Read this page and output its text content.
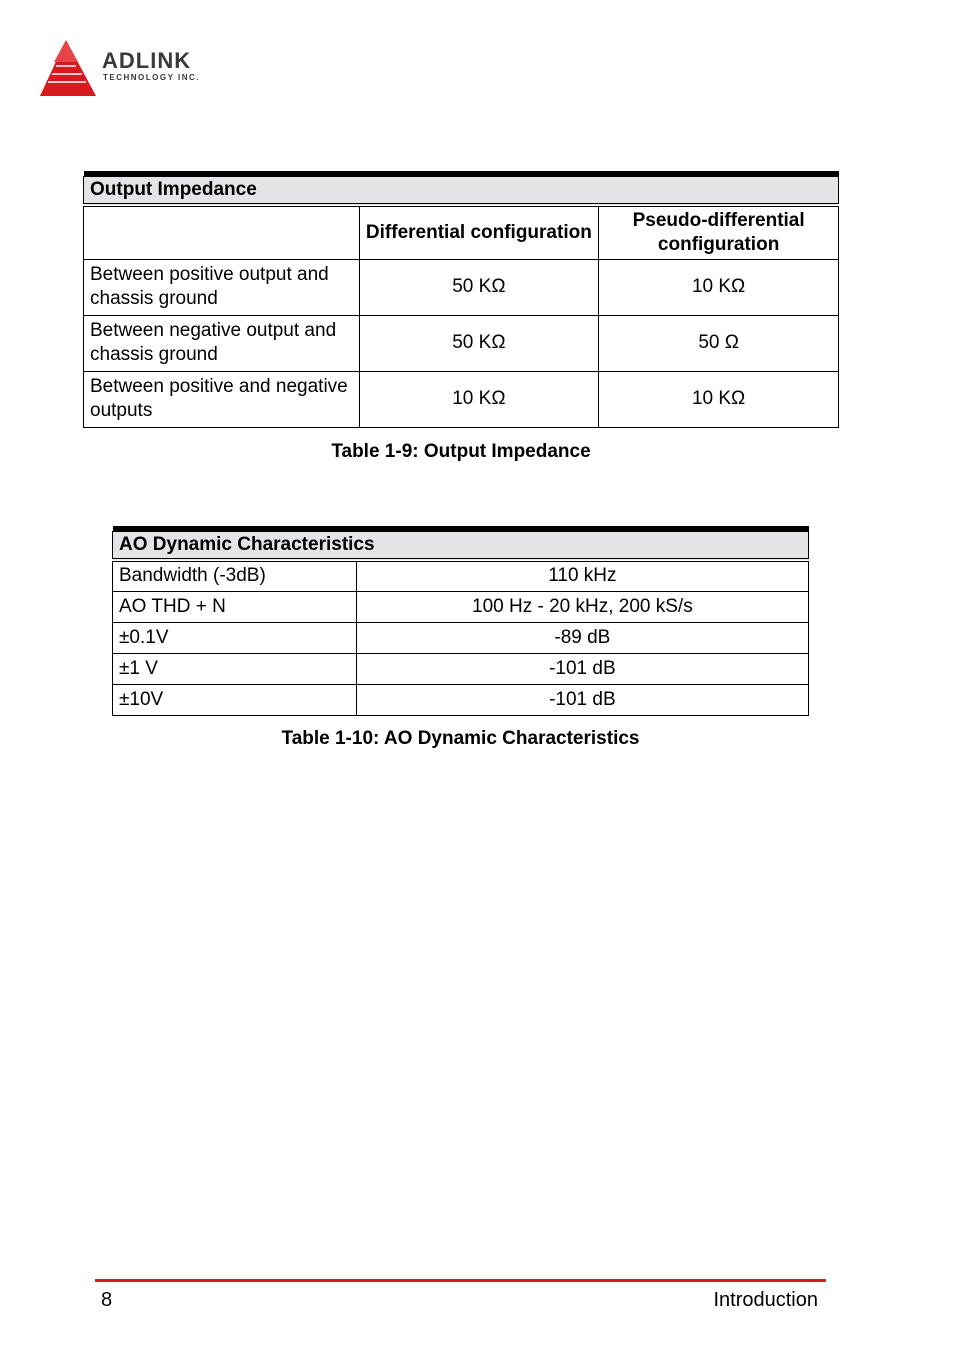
ADLINK
TECHNOLOGY INC.

Output Impedance		
	Differential configuration	Pseudo-differential configuration
Between positive output and chassis ground	50 KΩ	10 KΩ
Between negative output and chassis ground	50 KΩ	50 Ω
Between positive and negative outputs	10 KΩ	10 KΩ
Table 1-9: Output Impedance

AO Dynamic Characteristics	
Bandwidth (-3dB)	110 kHz
AO THD + N	100 Hz - 20 kHz, 200 kS/s
±0.1V	-89 dB
±1 V	-101 dB
±10V	-101 dB
Table 1-10: AO Dynamic Characteristics
8	Introduction
